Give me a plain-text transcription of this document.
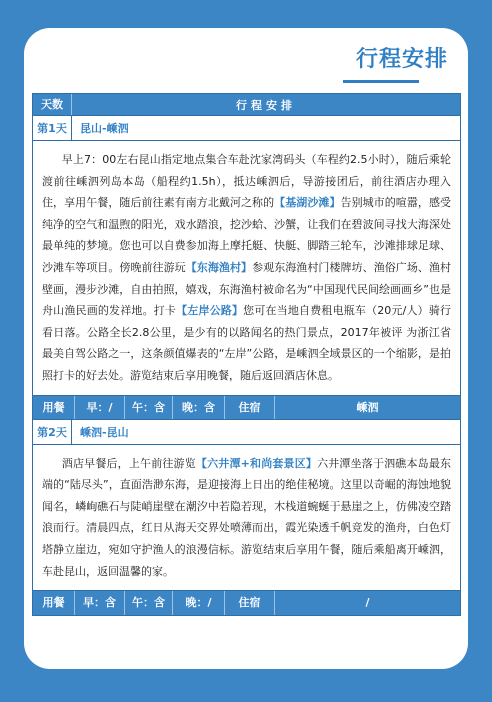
行程安排
天数	行程安排
第1天	昆山-嵊泗
早上7：00左右昆山指定地点集合车赴沈家湾码头（车程约2.5小时），随后乘轮渡前往嵊泗列岛本岛（船程约1.5h），抵达嵊泗后，导游接团后，前往酒店办理入住，享用午餐，随后前往素有南方北戴河之称的【基湖沙滩】告别城市的喧嚣，感受纯净的空气和温煦的阳光，戏水踏浪，挖沙蛤、沙蟹，让我们在碧波间寻找大海深处最单纯的梦境。您也可以自费参加海上摩托艇、快艇、脚踏三轮车，沙滩排球足球、沙滩车等项目。傍晚前往游玩【东海渔村】参观东海渔村门楼牌坊、渔俗广场、渔村壁画，漫步沙滩，自由拍照，嬉戏，东海渔村被命名为“中国现代民间绘画画乡”也是舟山渔民画的发祥地。打卡【左岸公路】您可在当地自费租电瓶车（20元/人）骑行看日落。公路全长2.8公里，是少有的以路闻名的热门景点，2017年被评 为浙江省最美自驾公路之一，这条颜值爆表的“左岸”公路，是嵊泗全域景区的一个缩影，是拍照打卡的好去处。游览结束后享用晚餐，随后返回酒店休息。
用餐	早：/	午：含	晚：含	住宿	嵊泗
第2天	嵊泗-昆山
酒店早餐后，上午前往游览【六井潭+和尚套景区】六井潭坐落于泗礁本岛最东端的“陆尽头”，直面浩渺东海，是迎接海上日出的绝佳秘境。这里以奇崛的海蚀地貌闻名，嶙峋礁石与陡峭崖壁在潮汐中若隐若现，木栈道蜿蜒于悬崖之上，仿佛凌空踏浪而行。清晨四点，红日从海天交界处喷薄而出，霞光染透千帆竞发的渔舟，白色灯塔静立崖边，宛如守护渔人的浪漫信标。游览结束后享用午餐，随后乘船离开嵊泗，车赴昆山，返回温馨的家。
用餐	早：含	午：含	晚：/	住宿	/
